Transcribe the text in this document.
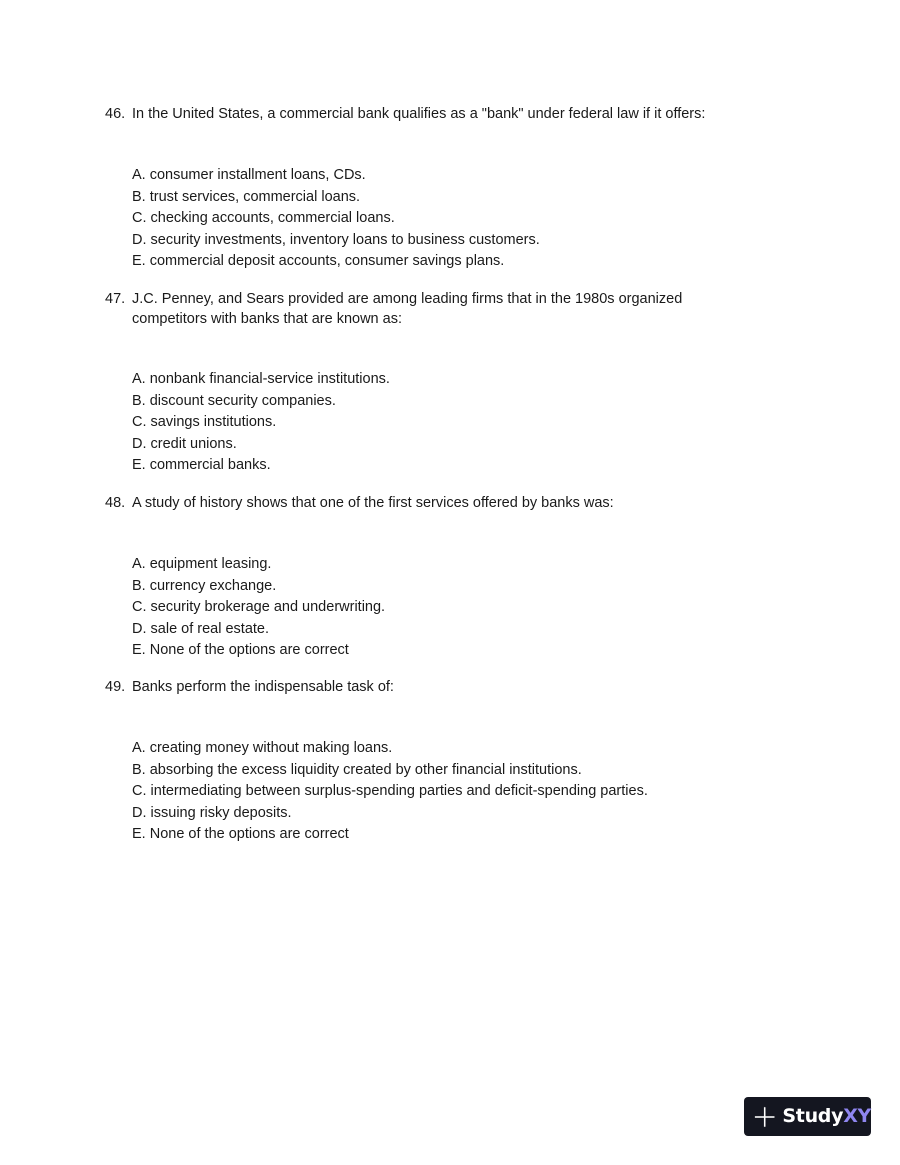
46. In the United States, a commercial bank qualifies as a "bank" under federal law if it offers:
A. consumer installment loans, CDs.
B. trust services, commercial loans.
C. checking accounts, commercial loans.
D. security investments, inventory loans to business customers.
E. commercial deposit accounts, consumer savings plans.
47. J.C. Penney, and Sears provided are among leading firms that in the 1980s organized competitors with banks that are known as:
A. nonbank financial-service institutions.
B. discount security companies.
C. savings institutions.
D. credit unions.
E. commercial banks.
48. A study of history shows that one of the first services offered by banks was:
A. equipment leasing.
B. currency exchange.
C. security brokerage and underwriting.
D. sale of real estate.
E. None of the options are correct
49. Banks perform the indispensable task of:
A. creating money without making loans.
B. absorbing the excess liquidity created by other financial institutions.
C. intermediating between surplus-spending parties and deficit-spending parties.
D. issuing risky deposits.
E. None of the options are correct
StudyXY
